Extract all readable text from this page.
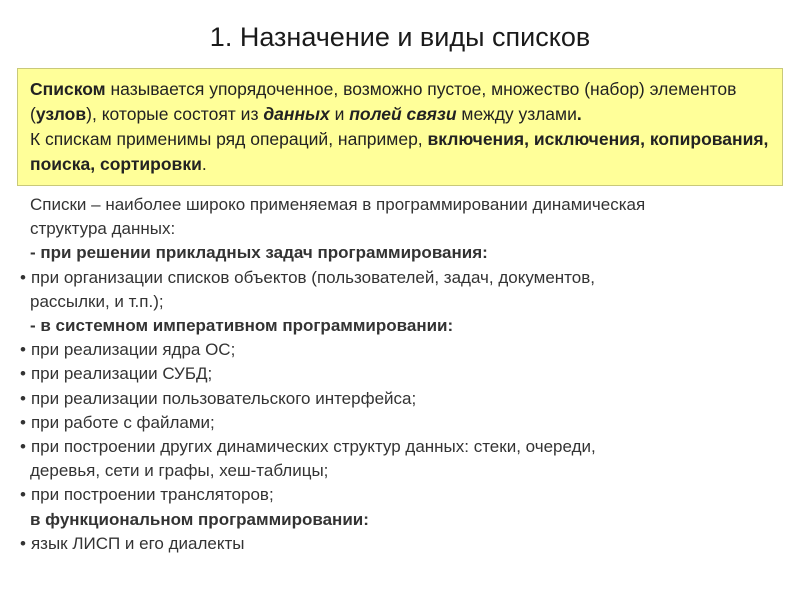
1. Назначение и виды списков

Списком называется упорядоченное, возможно пустое, множество (набор) элементов (узлов), которые состоят из данных и полей связи между узлами.

К спискам применимы ряд операций, например, включения, исключения, копирования, поиска, сортировки.

Списки – наиболее широко применяемая в программировании динамическая
структура данных:
- при решении прикладных задач программирования:
• при организации списков объектов (пользователей, задач, документов,
рассылки, и т.п.);
- в системном императивном программировании:
• при реализации ядра ОС;
• при реализации СУБД;
• при реализации пользовательского интерфейса;
• при работе с файлами;
• при построении других динамических структур данных: стеки, очереди,
деревья, сети и графы, хеш-таблицы;
• при построении трансляторов;
в функциональном программировании:
• язык ЛИСП и его диалекты
